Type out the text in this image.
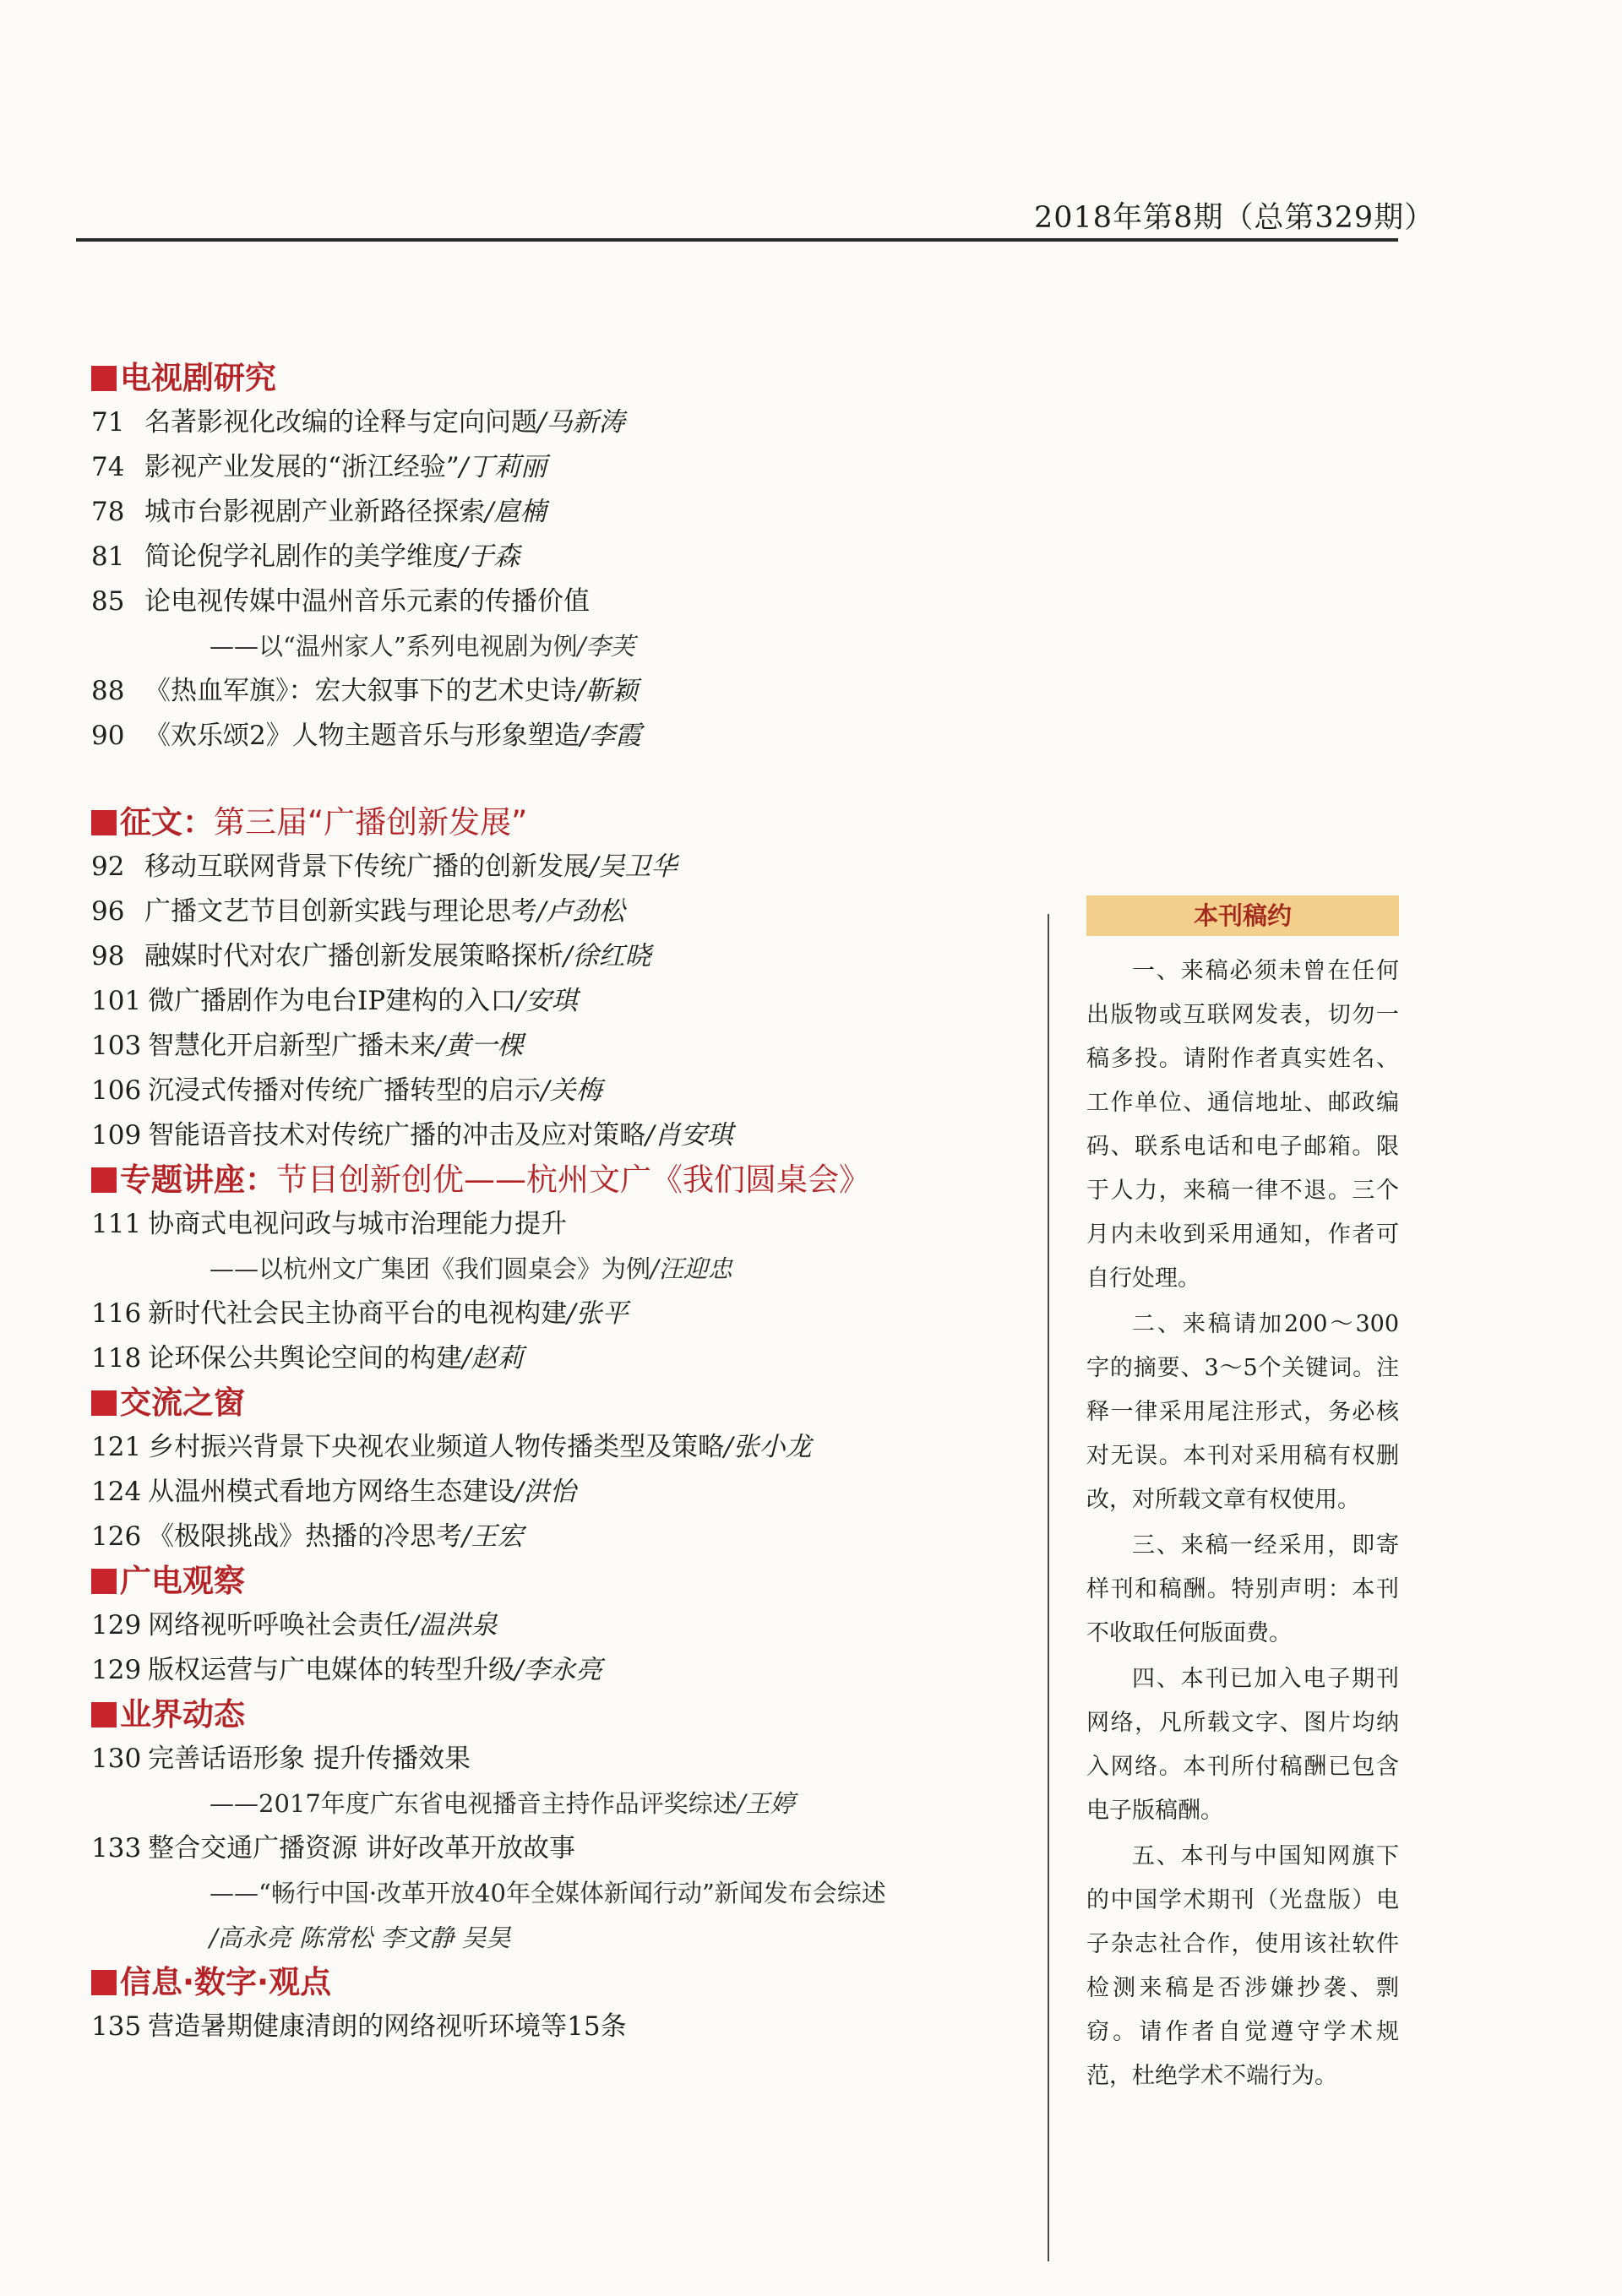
2018年第8期（总第329期）
电视剧研究
71 名著影视化改编的诠释与定向问题/马新涛
74 影视产业发展的“浙江经验”/丁莉丽
78 城市台影视剧产业新路径探索/扈楠
81 简论倪学礼剧作的美学维度/于森
85 论电视传媒中温州音乐元素的传播价值
——以“温州家人”系列电视剧为例/李芙
88 《热血军旗》：宏大叙事下的艺术史诗/靳颖
90 《欢乐颂2》人物主题音乐与形象塑造/李霞
征文 ： 第三届“广播创新发展”
92 移动互联网背景下传统广播的创新发展/吴卫华
96 广播文艺节目创新实践与理论思考/卢劲松
98 融媒时代对农广播创新发展策略探析/徐红晓
101 微广播剧作为电台IP建构的入口/安琪
103 智慧化开启新型广播未来/黄一棵
106 沉浸式传播对传统广播转型的启示/关梅
109 智能语音技术对传统广播的冲击及应对策略/肖安琪
专题讲座 ： 节目创新创优——杭州文广《我们圆桌会》
111 协商式电视问政与城市治理能力提升
——以杭州文广集团《我们圆桌会》为例/汪迎忠
116 新时代社会民主协商平台的电视构建/张平
118 论环保公共舆论空间的构建/赵莉
交流之窗
121 乡村振兴背景下央视农业频道人物传播类型及策略/张小龙
124 从温州模式看地方网络生态建设/洪怡
126 《极限挑战》热播的冷思考/王宏
广电观察
129 网络视听呼唤社会责任/温洪泉
129 版权运营与广电媒体的转型升级/李永亮
业界动态
130 完善话语形象 提升传播效果
——2017年度广东省电视播音主持作品评奖综述/王婷
133 整合交通广播资源 讲好改革开放故事
——“畅行中国·改革开放40年全媒体新闻行动”新闻发布会综述
/高永亮 陈常松 李文静 吴昊
信息·数字·观点
135 营造暑期健康清朗的网络视听环境等15条
本刊稿约
一、来稿必须未曾在任何出版物或互联网发表，切勿一稿多投。请附作者真实姓名、工作单位、通信地址、邮政编码、联系电话和电子邮箱。限于人力，来稿一律不退。三个月内未收到采用通知，作者可自行处理。
二、来稿请加200～300字的摘要、3～5个关键词。注释一律采用尾注形式，务必核对无误。本刊对采用稿有权删改，对所载文章有权使用。
三、来稿一经采用，即寄样刊和稿酬。特别声明：本刊不收取任何版面费。
四、本刊已加入电子期刊网络，凡所载文字、图片均纳入网络。本刊所付稿酬已包含电子版稿酬。
五、本刊与中国知网旗下的中国学术期刊（光盘版）电子杂志社合作，使用该社软件检测来稿是否涉嫌抄袭、剽窃。请作者自觉遵守学术规范，杜绝学术不端行为。
